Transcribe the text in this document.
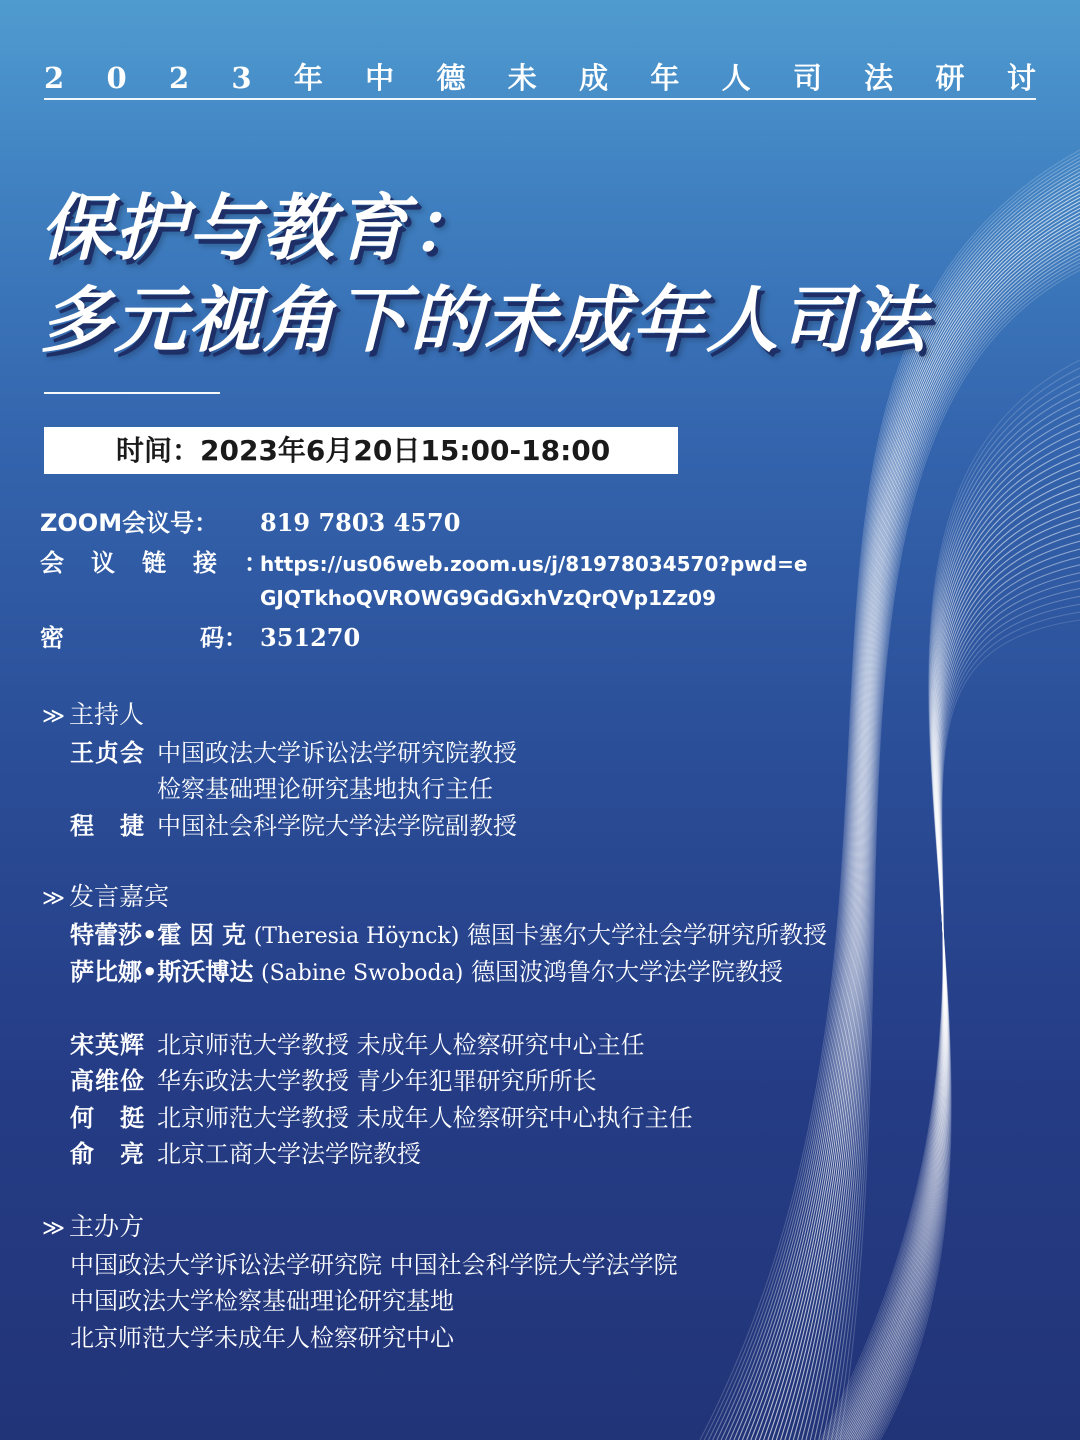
2 0 2 3 年 中 德 未 成 年 人 司 法 研 讨
保护与教育：
多元视角下的未成年人司法
时间：2023年6月20日15:00-18:00
ZOOM会议号： 819 7803 4570
会议链接：https://us06web.zoom.us/j/81978034570?pwd=e
GJQTkhoQVROWG9GdGxhVzQrQVp1Zz09
密	码： 351270
≫ 主持人
王贞会 中国政法大学诉讼法学研究院教授
检察基础理论研究基地执行主任
程　捷 中国社会科学院大学法学院副教授
≫ 发言嘉宾
特蕾莎•霍 因 克 (Theresia Höynck) 德国卡塞尔大学社会学研究所教授
萨比娜•斯沃博达 (Sabine Swoboda) 德国波鸿鲁尔大学法学院教授
宋英辉 北京师范大学教授 未成年人检察研究中心主任
高维俭 华东政法大学教授 青少年犯罪研究所所长
何　挺 北京师范大学教授 未成年人检察研究中心执行主任
俞　亮 北京工商大学法学院教授
≫ 主办方
中国政法大学诉讼法学研究院 中国社会科学院大学法学院
中国政法大学检察基础理论研究基地
北京师范大学未成年人检察研究中心
